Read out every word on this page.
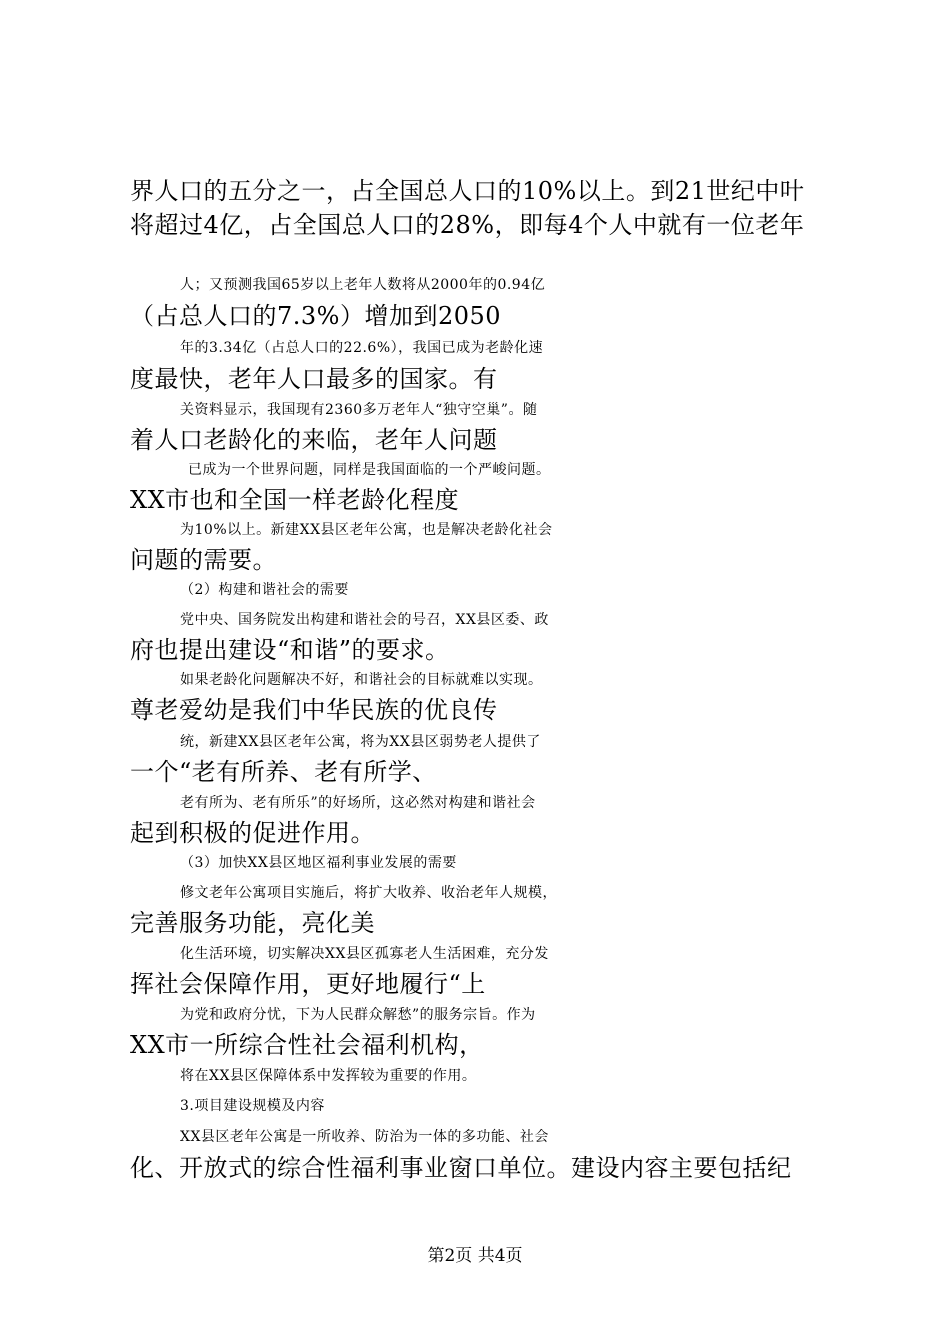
界人口的五分之一，占全国总人口的10%以上。到21世纪中叶
将超过4亿，占全国总人口的28%，即每4个人中就有一位老年
人；又预测我国65岁以上老年人数将从2000年的0.94亿
（占总人口的7.3%）增加到2050
年的3.34亿（占总人口的22.6%），我国已成为老龄化速
度最快，老年人口最多的国家。有
关资料显示，我国现有2360多万老年人“独守空巢”。随
着人口老龄化的来临，老年人问题
已成为一个世界问题，同样是我国面临的一个严峻问题。
XX市也和全国一样老龄化程度
为10%以上。新建XX县区老年公寓，也是解决老龄化社会
问题的需要。
（2）构建和谐社会的需要
党中央、国务院发出构建和谐社会的号召，XX县区委、政
府也提出建设“和谐”的要求。
如果老龄化问题解决不好，和谐社会的目标就难以实现。
尊老爱幼是我们中华民族的优良传
统，新建XX县区老年公寓，将为XX县区弱势老人提供了
一个“老有所养、老有所学、
老有所为、老有所乐”的好场所，这必然对构建和谐社会
起到积极的促进作用。
（3）加快XX县区地区福利事业发展的需要
修文老年公寓项目实施后，将扩大收养、收治老年人规模，
完善服务功能，亮化美
化生活环境，切实解决XX县区孤寡老人生活困难，充分发
挥社会保障作用，更好地履行“上
为党和政府分忧，下为人民群众解愁”的服务宗旨。作为
XX市一所综合性社会福利机构，
将在XX县区保障体系中发挥较为重要的作用。
3.项目建设规模及内容
XX县区老年公寓是一所收养、防治为一体的多功能、社会
化、开放式的综合性福利事业窗口单位。建设内容主要包括纪
第2页 共4页
